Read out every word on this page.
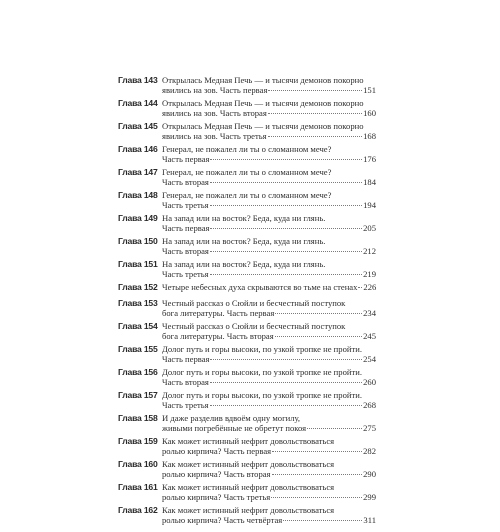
Глава 143 Открылась Медная Печь — и тысячи демонов покорно
явились на зов. Часть первая	151
Глава 144 Открылась Медная Печь — и тысячи демонов покорно
явились на зов. Часть вторая	160
Глава 145 Открылась Медная Печь — и тысячи демонов покорно
явились на зов. Часть третья	168
Глава 146 Генерал, не пожалел ли ты о сломанном мече?
Часть первая	176
Глава 147 Генерал, не пожалел ли ты о сломанном мече?
Часть вторая	184
Глава 148 Генерал, не пожалел ли ты о сломанном мече?
Часть третья	194
Глава 149 На запад или на восток? Беда, куда ни глянь.
Часть первая	205
Глава 150 На запад или на восток? Беда, куда ни глянь.
Часть вторая	212
Глава 151 На запад или на восток? Беда, куда ни глянь.
Часть третья	219
Глава 152 Четыре небесных духа скрываются во тьме на стенах 226
Глава 153 Честный рассказ о Сюйли и бесчестный поступок
бога литературы. Часть первая	234
Глава 154 Честный рассказ о Сюйли и бесчестный поступок
бога литературы. Часть вторая	245
Глава 155 Долог путь и горы высоки, по узкой тропке не пройти.
Часть первая	254
Глава 156 Долог путь и горы высоки, по узкой тропке не пройти.
Часть вторая	260
Глава 157 Долог путь и горы высоки, по узкой тропке не пройти.
Часть третья	268
Глава 158 И даже разделив вдвоём одну могилу,
живыми погребённые не обретут покоя	275
Глава 159 Как может истинный нефрит довольствоваться
ролью кирпича? Часть первая	282
Глава 160 Как может истинный нефрит довольствоваться
ролью кирпича? Часть вторая	290
Глава 161 Как может истинный нефрит довольствоваться
ролью кирпича? Часть третья	299
Глава 162 Как может истинный нефрит довольствоваться
ролью кирпича? Часть четвёртая	311
